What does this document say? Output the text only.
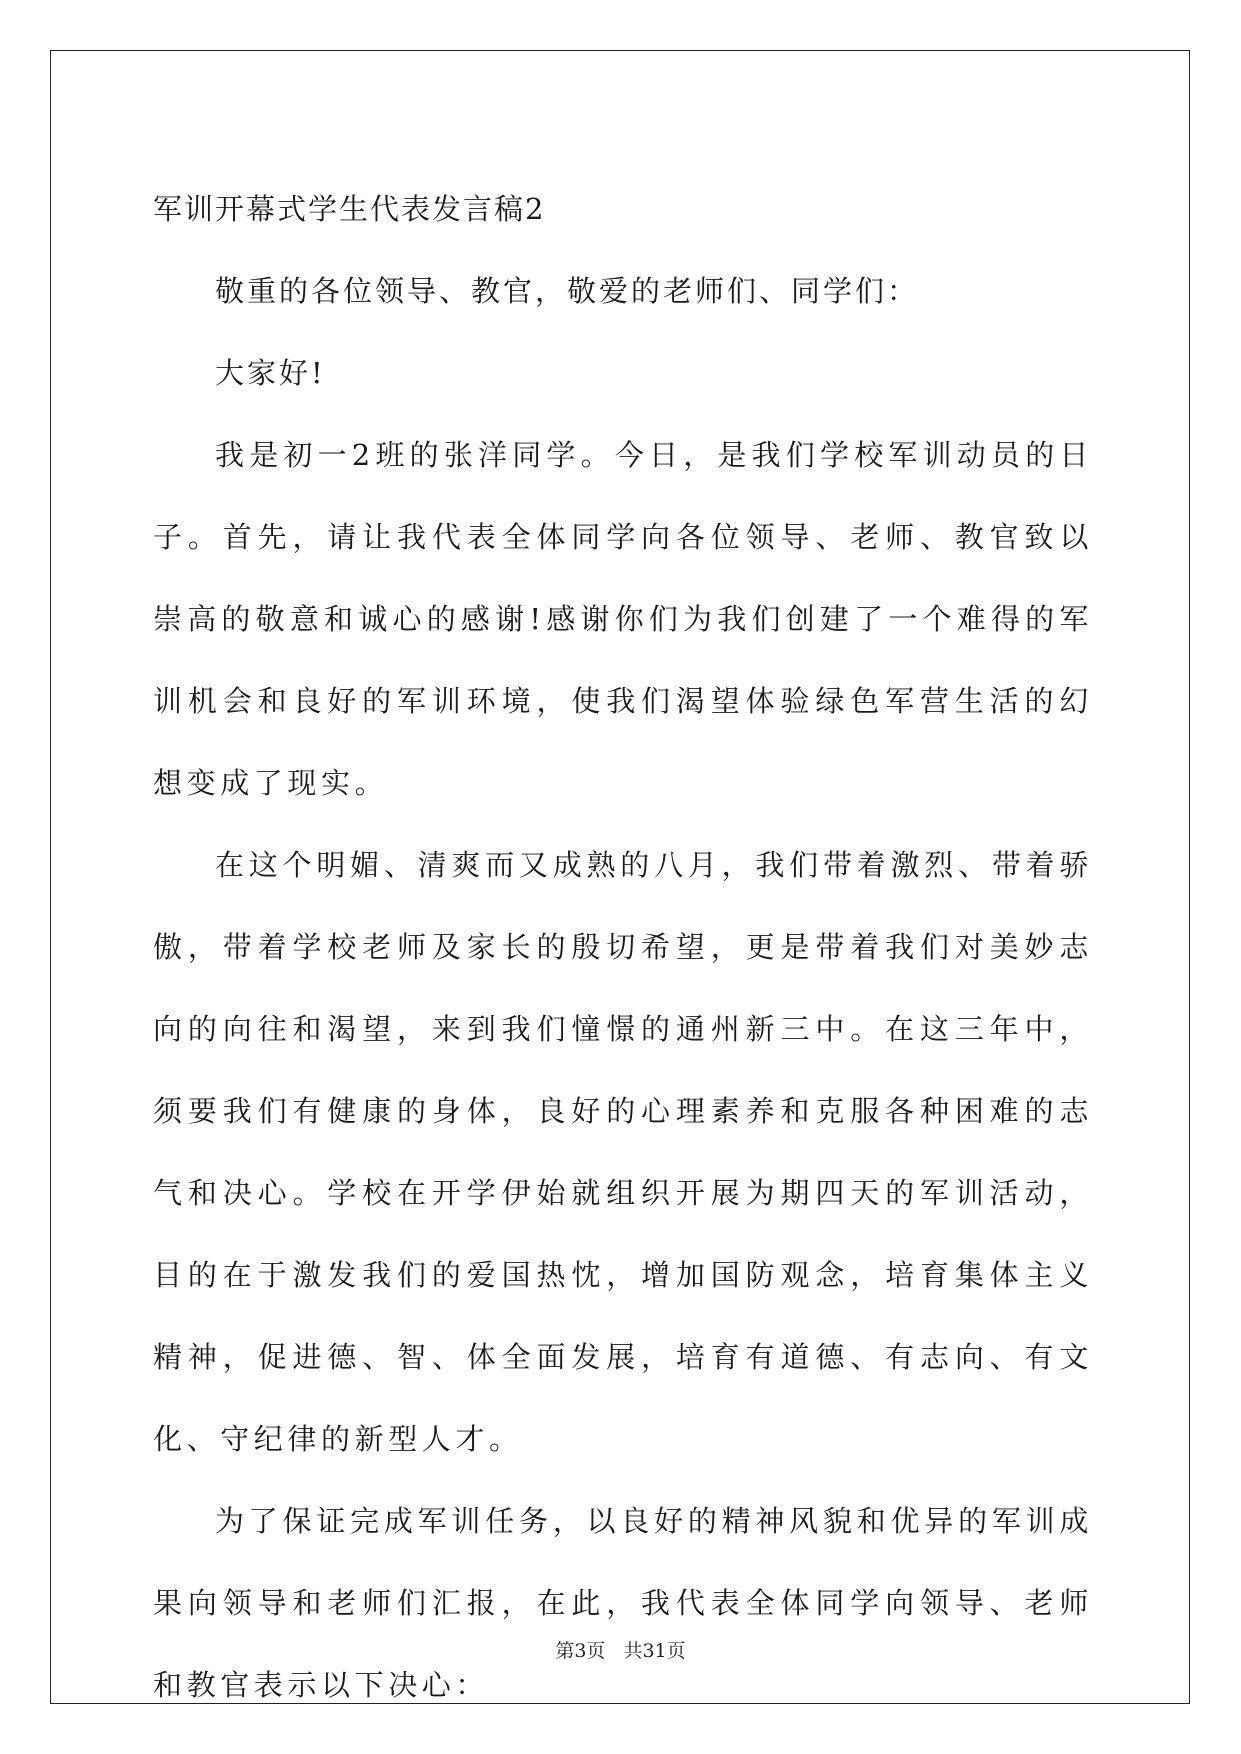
军训开幕式学生代表发言稿2

敬重的各位领导、教官，敬爱的老师们、同学们：

大家好!

我是初一2班的张洋同学。今日，是我们学校军训动员的日子。首先，请让我代表全体同学向各位领导、老师、教官致以崇高的敬意和诚心的感谢!感谢你们为我们创建了一个难得的军训机会和良好的军训环境，使我们渴望体验绿色军营生活的幻想变成了现实。

在这个明媚、清爽而又成熟的八月，我们带着激烈、带着骄傲，带着学校老师及家长的殷切希望，更是带着我们对美妙志向的向往和渴望，来到我们憧憬的通州新三中。在这三年中，须要我们有健康的身体，良好的心理素养和克服各种困难的志气和决心。学校在开学伊始就组织开展为期四天的军训活动，目的在于激发我们的爱国热忱，增加国防观念，培育集体主义精神，促进德、智、体全面发展，培育有道德、有志向、有文化、守纪律的新型人才。

为了保证完成军训任务，以良好的精神风貌和优异的军训成果向领导和老师们汇报，在此，我代表全体同学向领导、老师和教官表示以下决心：

第3页 共31页
